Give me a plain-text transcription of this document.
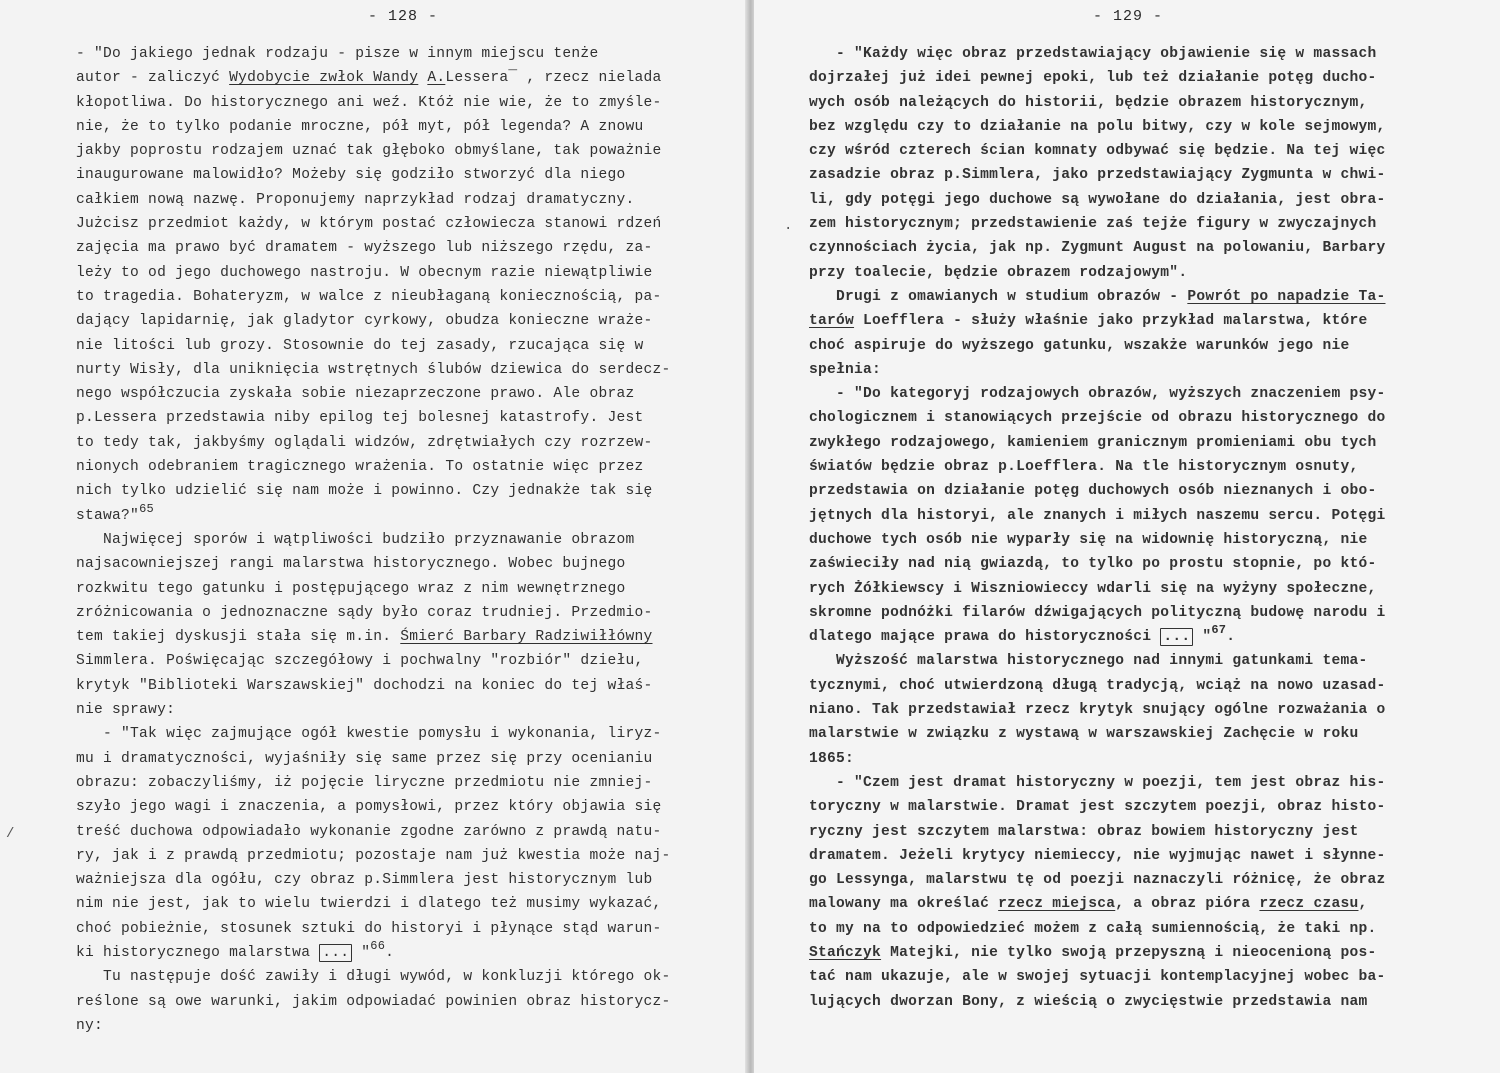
- 128 -
- "Do jakiego jednak rodzaju - pisze w innym miejscu tenże
autor - zaliczyć Wydobycie zwłok Wandy A.Lessera¯ , rzecz nielada
kłopotliwa. Do historycznego ani weź. Któż nie wie, że to zmyśle-
nie, że to tylko podanie mroczne, pół myt, pół legenda? A znowu
jakby poprostu rodzajem uznać tak głęboko obmyślane, tak poważnie
inaugurowane malowidło? Możeby się godziło stworzyć dla niego
całkiem nową nazwę. Proponujemy naprzykład rodzaj dramatyczny.
Jużcisz przedmiot każdy, w którym postać człowiecza stanowi rdzeń
zajęcia ma prawo być dramatem - wyższego lub niższego rzędu, za-
leży to od jego duchowego nastroju. W obecnym razie niewątpliwie
to tragedia. Bohateryzm, w walce z nieubłaganą koniecznością, pa-
dający lapidarnię, jak gladytor cyrkowy, obudza konieczne wraże-
nie litości lub grozy. Stosownie do tej zasady, rzucająca się w
nurty Wisły, dla uniknięcia wstrętnych ślubów dziewica do serdecz-
nego współczucia zyskała sobie niezaprzeczone prawo. Ale obraz
p.Lessera przedstawia niby epilog tej bolesnej katastrofy. Jest
to tedy tak, jakbyśmy oglądali widzów, zdrętwiałych czy rozrzew-
nionych odebraniem tragicznego wrażenia. To ostatnie więc przez
nich tylko udzielić się nam może i powinno. Czy jednakże tak się
stawa?"$^{65}$
Najwięcej sporów i wątpliwości budziło przyznawanie obrazom
najsacowniejszej rangi malarstwa historycznego. Wobec bujnego
rozkwitu tego gatunku i postępującego wraz z nim wewnętrznego
zróżnicowania o jednoznaczne sądy było coraz trudniej. Przedmio-
tem takiej dyskusji stała się m.in. Śmierć Barbary Radziwiłłówny
Simmlera. Poświęcając szczegółowy i pochwalny "rozbiór" dziełu,
krytyk "Biblioteki Warszawskiej" dochodzi na koniec do tej właś-
nie sprawy:
- "Tak więc zajmujące ogół kwestie pomysłu i wykonania, liryz-
mu i dramatyczności, wyjaśniły się same przez się przy ocenianiu
obrazu: zobaczyliśmy, iż pojęcie liryczne przedmiotu nie zmniej-
szyło jego wagi i znaczenia, a pomysłowi, przez który objawia się
treść duchowa odpowiadało wykonanie zgodne zarówno z prawdą natu-
ry, jak i z prawdą przedmiotu; pozostaje nam już kwestia może naj-
ważniejsza dla ogółu, czy obraz p.Simmlera jest historycznym lub
nim nie jest, jak to wielu twierdzi i dlatego też musimy wykazać,
choć pobieżnie, stosunek sztuki do historyi i płynące stąd warun-
ki historycznego malarstwa ... "$^{66}$.
Tu następuje dość zawiły i długi wywód, w konkluzji którego ok-
reślone są owe warunki, jakim odpowiadać powinien obraz historycz-
ny:
/
- 129 -
- "Każdy więc obraz przedstawiający objawienie się w massach
dojrzałej już idei pewnej epoki, lub też działanie potęg ducho-
wych osób należących do historii, będzie obrazem historycznym,
bez względu czy to działanie na polu bitwy, czy w kole sejmowym,
czy wśród czterech ścian komnaty odbywać się będzie. Na tej więc
zasadzie obraz p.Simmlera, jako przedstawiający Zygmunta w chwi-
li, gdy potęgi jego duchowe są wywołane do działania, jest obra-
zem historycznym; przedstawienie zaś tejże figury w zwyczajnych
czynnościach życia, jak np. Zygmunt August na polowaniu, Barbary
przy toalecie, będzie obrazem rodzajowym".
Drugi z omawianych w studium obrazów - Powrót po napadzie Ta-
tarów Loefflera - służy właśnie jako przykład malarstwa, które
choć aspiruje do wyższego gatunku, wszakże warunków jego nie
spełnia:
- "Do kategoryj rodzajowych obrazów, wyższych znaczeniem psy-
chologicznem i stanowiących przejście od obrazu historycznego do
zwykłego rodzajowego, kamieniem granicznym promieniami obu tych
światów będzie obraz p.Loefflera. Na tle historycznym osnuty,
przedstawia on działanie potęg duchowych osób nieznanych i obo-
jętnych dla historyi, ale znanych i miłych naszemu sercu. Potęgi
duchowe tych osób nie wyparły się na widownię historyczną, nie
zaświeciły nad nią gwiazdą, to tylko po prostu stopnie, po któ-
rych Żółkiewscy i Wiszniowieccy wdarli się na wyżyny społeczne,
skromne podnóżki filarów dźwigających polityczną budowę narodu i
dlatego mające prawa do historyczności ... "$^{67}$.
Wyższość malarstwa historycznego nad innymi gatunkami tema-
tycznymi, choć utwierdzoną długą tradycją, wciąż na nowo uzasad-
niano. Tak przedstawiał rzecz krytyk snujący ogólne rozważania o
malarstwie w związku z wystawą w warszawskiej Zachęcie w roku
1865:
- "Czem jest dramat historyczny w poezji, tem jest obraz his-
toryczny w malarstwie. Dramat jest szczytem poezji, obraz histo-
ryczny jest szczytem malarstwa: obraz bowiem historyczny jest
dramatem. Jeżeli krytycy niemieccy, nie wyjmując nawet i słynne-
go Lessynga, malarstwu tę od poezji naznaczyli różnicę, że obraz
malowany ma określać rzecz miejsca, a obraz pióra rzecz czasu,
to my na to odpowiedzieć możem z całą sumiennością, że taki np.
Stańczyk Matejki, nie tylko swoją przepyszną i nieocenioną pos-
tać nam ukazuje, ale w swojej sytuacji kontemplacyjnej wobec ba-
lujących dworzan Bony, z wieścią o zwycięstwie przedstawia nam
.
